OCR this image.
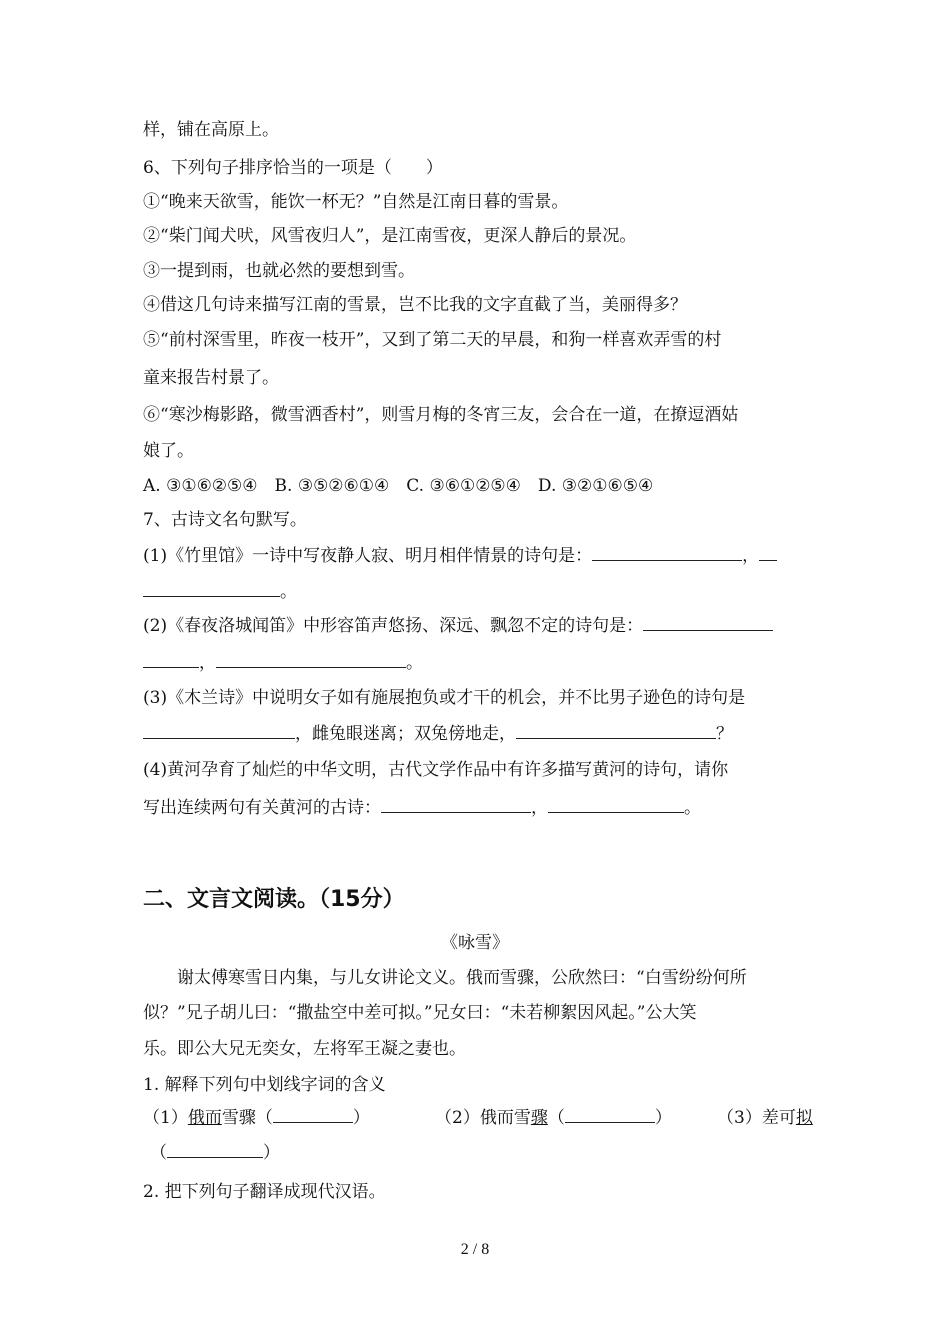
样，铺在高原上。
6、下列句子排序恰当的一项是（　　）
①“晚来天欲雪，能饮一杯无？”自然是江南日暮的雪景。
②“柴门闻犬吠，风雪夜归人”，是江南雪夜，更深人静后的景况。
③一提到雨，也就必然的要想到雪。
④借这几句诗来描写江南的雪景，岂不比我的文字直截了当，美丽得多？
⑤“前村深雪里，昨夜一枝开”，又到了第二天的早晨，和狗一样喜欢弄雪的村
童来报告村景了。
⑥“寒沙梅影路，微雪洒香村”，则雪月梅的冬宵三友，会合在一道，在撩逗酒姑
娘了。
A. ③①⑥②⑤④　B. ③⑤②⑥①④　C. ③⑥①②⑤④　D. ③②①⑥⑤④
7、古诗文名句默写。
(1)《竹里馆》一诗中写夜静人寂、明月相伴情景的诗句是：	，
。
(2)《春夜洛城闻笛》中形容笛声悠扬、深远、飘忽不定的诗句是：
，	。
(3)《木兰诗》中说明女子如有施展抱负或才干的机会，并不比男子逊色的诗句是
，雌兔眼迷离；双兔傍地走，	？
(4)黄河孕育了灿烂的中华文明，古代文学作品中有许多描写黄河的诗句，请你
写出连续两句有关黄河的古诗：	，	。
二、文言文阅读。（15分）
《咏雪》
谢太傅寒雪日内集，与儿女讲论文义。俄而雪骤，公欣然曰：“白雪纷纷何所
似？”兄子胡儿曰：“撒盐空中差可拟。”兄女曰：“未若柳絮因风起。”公大笑
乐。即公大兄无奕女，左将军王凝之妻也。
1. 解释下列句中划线字词的含义
（1）俄而雪骤（	）	（2）俄而雪骤（	）	（3）差可拟
（	）
2. 把下列句子翻译成现代汉语。
2 / 8
